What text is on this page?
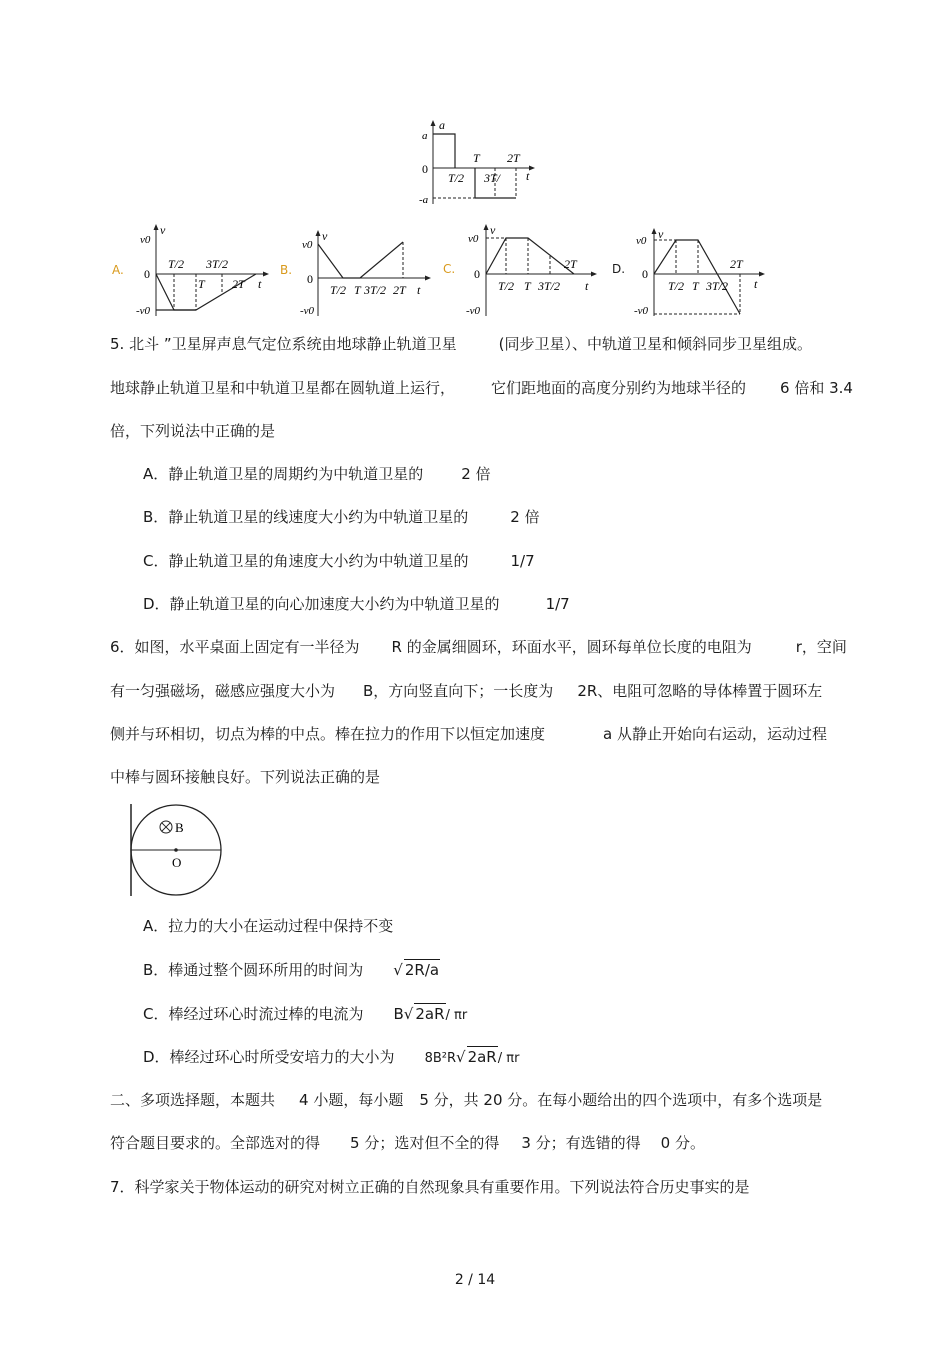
a
a
0
-a
T/2
T
3T/
2T
t
A.
v
v0
0
-v0
T/2 3T/2
T 2T t
B.
v
v0
0
-v0
T/2 T 3T/2 2T t
C.
v
v0
0
-v0
T/2 T 3T/2
2T
t
D.
v
v0
0
-v0
T/2 T 3T/2
2T
t
5. 北斗 ”卫星屏声息气定位系统由地球静止轨道卫星	(同步卫星）、中轨道卫星和倾斜同步卫星组成。
地球静止轨道卫星和中轨道卫星都在圆轨道上运行， 它们距地面的高度分别约为地球半径的 6 倍和 3.4
倍，下列说法中正确的是
A．静止轨道卫星的周期约为中轨道卫星的	2 倍
B．静止轨道卫星的线速度大小约为中轨道卫星的	2 倍
C．静止轨道卫星的角速度大小约为中轨道卫星的	1/7
D．静止轨道卫星的向心加速度大小约为中轨道卫星的	1/7
6．如图，水平桌面上固定有一半径为 R 的金属细圆环，环面水平，圆环每单位长度的电阻为	r，空间
有一匀强磁场，磁感应强度大小为 B，方向竖直向下；一长度为 2R、电阻可忽略的导体棒置于圆环左
侧并与环相切，切点为棒的中点。棒在拉力的作用下以恒定加速度	a 从静止开始向右运动，运动过程
中棒与圆环接触良好。下列说法正确的是
B
O
A．拉力的大小在运动过程中保持不变
B．棒通过整个圆环所用的时间为 √ 2R/a
C．棒经过环心时流过棒的电流为 B√ 2aR/ πr
D．棒经过环心时所受安培力的大小为 8B²R√ 2aR/ πr
二、多项选择题，本题共 4 小题，每小题 5 分，共 20 分。在每小题给出的四个选项中，有多个选项是
符合题目要求的。全部选对的得 5 分；选对但不全的得 3 分；有选错的得 0 分。
7．科学家关于物体运动的研究对树立正确的自然现象具有重要作用。下列说法符合历史事实的是
2 / 14
